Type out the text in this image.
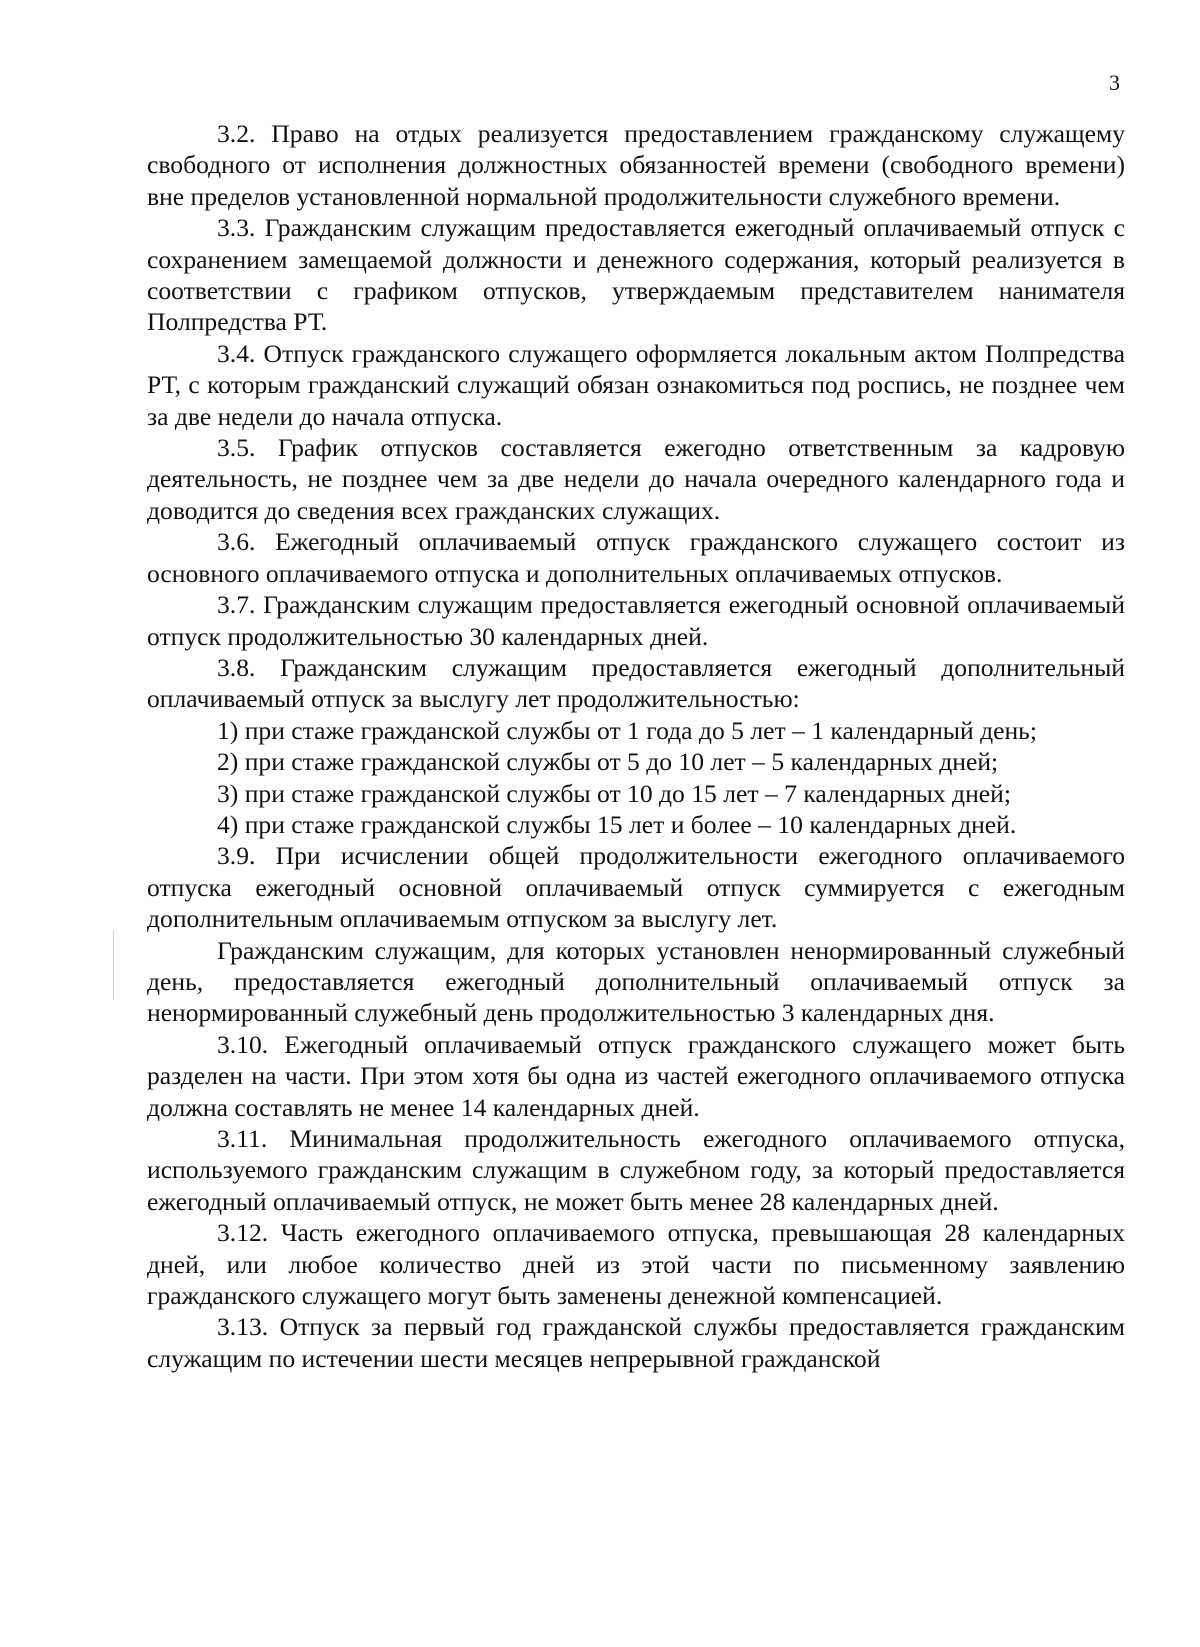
3

3.2. Право на отдых реализуется предоставлением гражданскому служащему свободного от исполнения должностных обязанностей времени (свободного времени) вне пределов установленной нормальной продолжительности служебного времени.

3.3. Гражданским служащим предоставляется ежегодный оплачиваемый отпуск с сохранением замещаемой должности и денежного содержания, который реализуется в соответствии с графиком отпусков, утверждаемым представителем нанимателя Полпредства РТ.

3.4. Отпуск гражданского служащего оформляется локальным актом Полпредства РТ, с которым гражданский служащий обязан ознакомиться под роспись, не позднее чем за две недели до начала отпуска.

3.5. График отпусков составляется ежегодно ответственным за кадровую деятельность, не позднее чем за две недели до начала очередного календарного года и доводится до сведения всех гражданских служащих.

3.6. Ежегодный оплачиваемый отпуск гражданского служащего состоит из основного оплачиваемого отпуска и дополнительных оплачиваемых отпусков.

3.7. Гражданским служащим предоставляется ежегодный основной оплачиваемый отпуск продолжительностью 30 календарных дней.

3.8. Гражданским служащим предоставляется ежегодный дополнительный оплачиваемый отпуск за выслугу лет продолжительностью:

1) при стаже гражданской службы от 1 года до 5 лет – 1 календарный день;

2) при стаже гражданской службы от 5 до 10 лет – 5 календарных дней;

3) при стаже гражданской службы от 10 до 15 лет – 7 календарных дней;

4) при стаже гражданской службы 15 лет и более – 10 календарных дней.

3.9. При исчислении общей продолжительности ежегодного оплачиваемого отпуска ежегодный основной оплачиваемый отпуск суммируется с ежегодным дополнительным оплачиваемым отпуском за выслугу лет.

Гражданским служащим, для которых установлен ненормированный служебный день, предоставляется ежегодный дополнительный оплачиваемый отпуск за ненормированный служебный день продолжительностью 3 календарных дня.

3.10. Ежегодный оплачиваемый отпуск гражданского служащего может быть разделен на части. При этом хотя бы одна из частей ежегодного оплачиваемого отпуска должна составлять не менее 14 календарных дней.

3.11. Минимальная продолжительность ежегодного оплачиваемого отпуска, используемого гражданским служащим в служебном году, за который предоставляется ежегодный оплачиваемый отпуск, не может быть менее 28 календарных дней.

3.12. Часть ежегодного оплачиваемого отпуска, превышающая 28 календарных дней, или любое количество дней из этой части по письменному заявлению гражданского служащего могут быть заменены денежной компенсацией.

3.13. Отпуск за первый год гражданской службы предоставляется гражданским служащим по истечении шести месяцев непрерывной гражданской
